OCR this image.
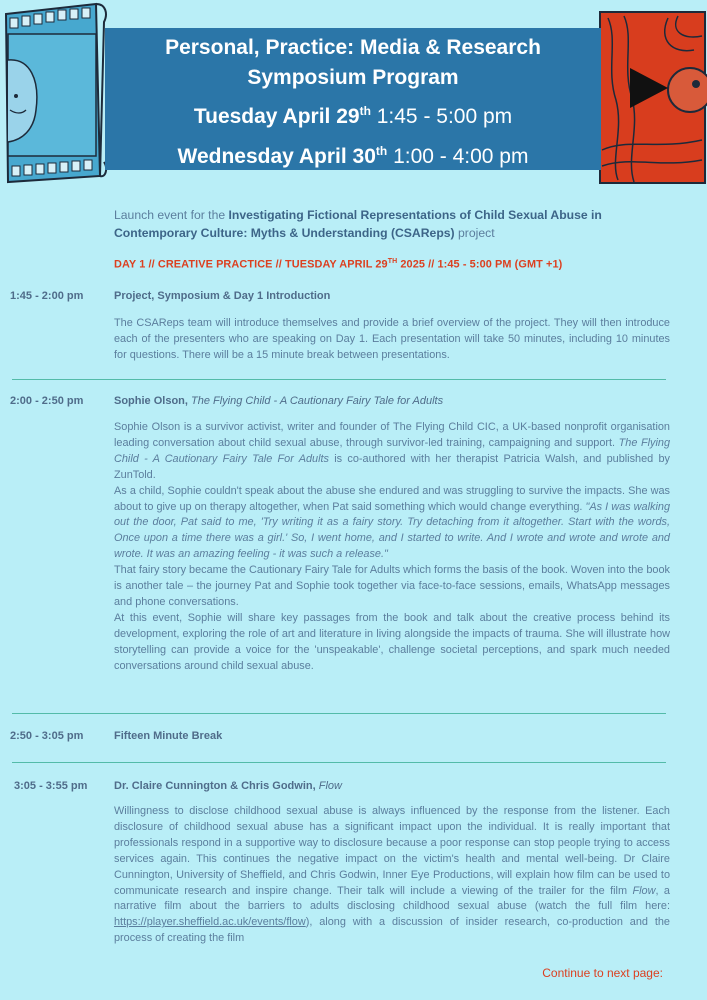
Personal, Practice: Media & Research
Symposium Program
Tuesday April 29th 1:45 - 5:00 pm
Wednesday April 30th 1:00 - 4:00 pm
Launch event for the Investigating Fictional Representations of Child Sexual Abuse in Contemporary Culture: Myths & Understanding (CSAReps) project
DAY 1 // CREATIVE PRACTICE // TUESDAY APRIL 29TH 2025 // 1:45 - 5:00 PM (GMT +1)
1:45 - 2:00 pm	Project, Symposium & Day 1 Introduction

The CSAReps team will introduce themselves and provide a brief overview of the project. They will then introduce each of the presenters who are speaking on Day 1. Each presentation will take 50 minutes, including 10 minutes for questions. There will be a 15 minute break between presentations.

2:00 - 2:50 pm	Sophie Olson, The Flying Child - A Cautionary Fairy Tale for Adults

Sophie Olson is a survivor activist, writer and founder of The Flying Child CIC, a UK-based nonprofit organisation leading conversation about child sexual abuse, through survivor-led training, campaigning and support. The Flying Child - A Cautionary Fairy Tale For Adults is co-authored with her therapist Patricia Walsh, and published by ZunTold.

As a child, Sophie couldn't speak about the abuse she endured and was struggling to survive the impacts. She was about to give up on therapy altogether, when Pat said something which would change everything. "As I was walking out the door, Pat said to me, 'Try writing it as a fairy story. Try detaching from it altogether. Start with the words, Once upon a time there was a girl.' So, I went home, and I started to write. And I wrote and wrote and wrote and wrote. It was an amazing feeling - it was such a release."

That fairy story became the Cautionary Fairy Tale for Adults which forms the basis of the book. Woven into the book is another tale – the journey Pat and Sophie took together via face-to-face sessions, emails, WhatsApp messages and phone conversations.

At this event, Sophie will share key passages from the book and talk about the creative process behind its development, exploring the role of art and literature in living alongside the impacts of trauma. She will illustrate how storytelling can provide a voice for the 'unspeakable', challenge societal perceptions, and spark much needed conversations around child sexual abuse.

2:50 - 3:05 pm	Fifteen Minute Break
3:05 - 3:55 pm	Dr. Claire Cunnington & Chris Godwin, Flow

Willingness to disclose childhood sexual abuse is always influenced by the response from the listener. Each disclosure of childhood sexual abuse has a significant impact upon the individual. It is really important that professionals respond in a supportive way to disclosure because a poor response can stop people trying to access services again. This continues the negative impact on the victim's health and mental well-being. Dr Claire Cunnington, University of Sheffield, and Chris Godwin, Inner Eye Productions, will explain how film can be used to communicate research and inspire change. Their talk will include a viewing of the trailer for the film Flow, a narrative film about the barriers to adults disclosing childhood sexual abuse (watch the full film here: https://player.sheffield.ac.uk/events/flow), along with a discussion of insider research, co-production and the process of creating the film

Continue to next page:
